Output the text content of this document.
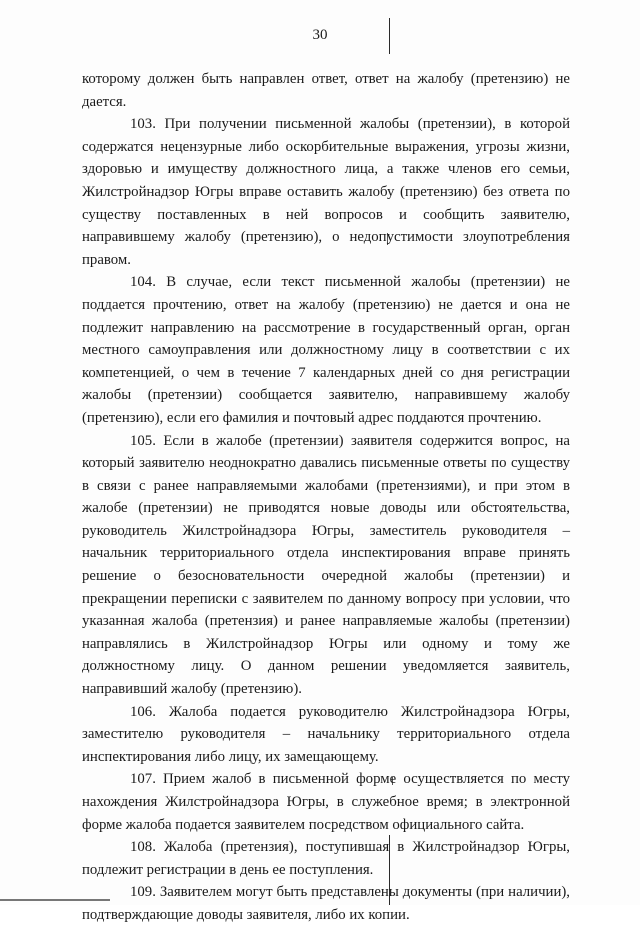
30

которому должен быть направлен ответ, ответ на жалобу (претензию) не дается.

103. При получении письменной жалобы (претензии), в которой содержатся нецензурные либо оскорбительные выражения, угрозы жизни, здоровью и имуществу должностного лица, а также членов его семьи, Жилстройнадзор Югры вправе оставить жалобу (претензию) без ответа по существу поставленных в ней вопросов и сообщить заявителю, направившему жалобу (претензию), о недопустимости злоупотребления правом.

104. В случае, если текст письменной жалобы (претензии) не поддается прочтению, ответ на жалобу (претензию) не дается и она не подлежит направлению на рассмотрение в государственный орган, орган местного самоуправления или должностному лицу в соответствии с их компетенцией, о чем в течение 7 календарных дней со дня регистрации жалобы (претензии) сообщается заявителю, направившему жалобу (претензию), если его фамилия и почтовый адрес поддаются прочтению.

105. Если в жалобе (претензии) заявителя содержится вопрос, на который заявителю неоднократно давались письменные ответы по существу в связи с ранее направляемыми жалобами (претензиями), и при этом в жалобе (претензии) не приводятся новые доводы или обстоятельства, руководитель Жилстройнадзора Югры, заместитель руководителя – начальник территориального отдела инспектирования вправе принять решение о безосновательности очередной жалобы (претензии) и прекращении переписки с заявителем по данному вопросу при условии, что указанная жалоба (претензия) и ранее направляемые жалобы (претензии) направлялись в Жилстройнадзор Югры или одному и тому же должностному лицу. О данном решении уведомляется заявитель, направивший жалобу (претензию).

106. Жалоба подается руководителю Жилстройнадзора Югры, заместителю руководителя – начальнику территориального отдела инспектирования либо лицу, их замещающему.

107. Прием жалоб в письменной форме осуществляется по месту нахождения Жилстройнадзора Югры, в служебное время; в электронной форме жалоба подается заявителем посредством официального сайта.

108. Жалоба (претензия), поступившая в Жилстройнадзор Югры, подлежит регистрации в день ее поступления.

109. Заявителем могут быть представлены документы (при наличии), подтверждающие доводы заявителя, либо их копии.
